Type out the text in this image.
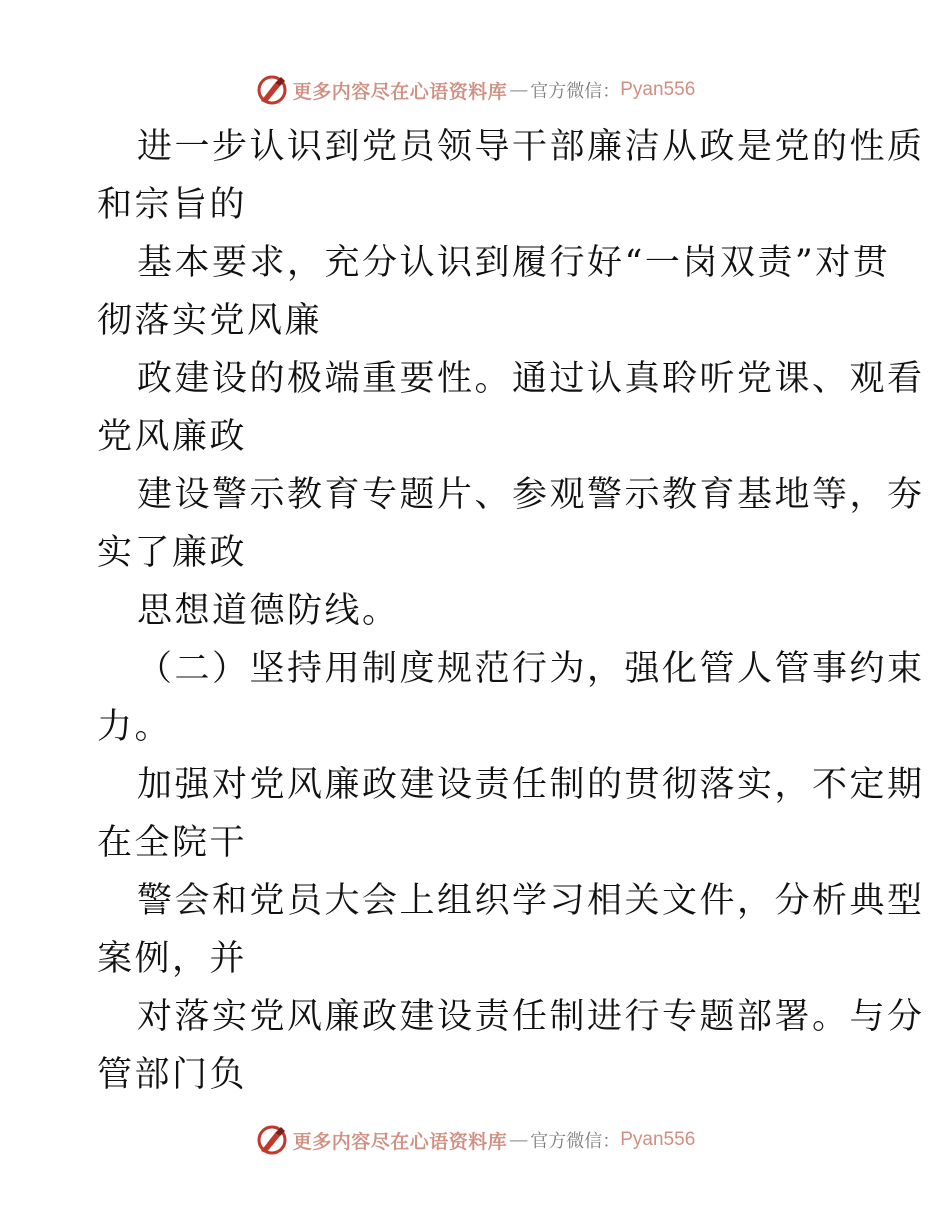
更多内容尽在心语资料库 — 官方微信： Pyan556
进一步认识到党员领导干部廉洁从政是党的性质
和宗旨的
基本要求，充分认识到履行好“一岗双责”对贯
彻落实党风廉
政建设的极端重要性。通过认真聆听党课、观看
党风廉政
建设警示教育专题片、参观警示教育基地等，夯
实了廉政
思想道德防线。
（二）坚持用制度规范行为，强化管人管事约束
力。
加强对党风廉政建设责任制的贯彻落实，不定期
在全院干
警会和党员大会上组织学习相关文件，分析典型
案例，并
对落实党风廉政建设责任制进行专题部署。与分
管部门负
更多内容尽在心语资料库 — 官方微信： Pyan556
